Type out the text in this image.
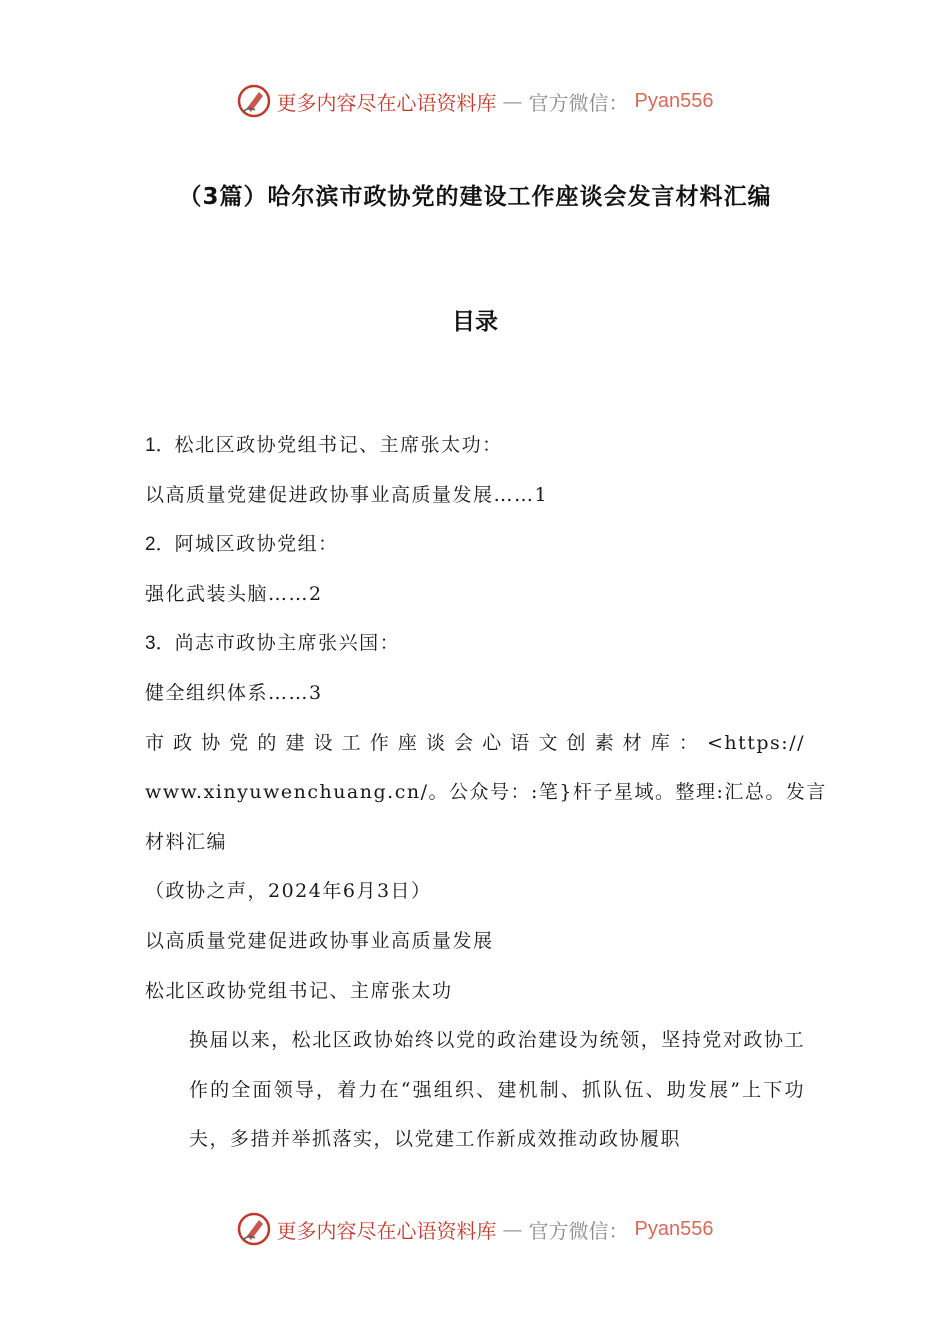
更多内容尽在心语资料库 — 官方微信： Pyan556
（3篇）哈尔滨市政协党的建设工作座谈会发言材料汇编
目录
1．松北区政协党组书记、主席张太功：
以高质量党建促进政协事业高质量发展……1
2．阿城区政协党组：
强化武装头脑……2
3．尚志市政协主席张兴国：
健全组织体系……3
市政协党的建设工作座谈会心语文创素材库：<https://
www.xinyuwenchuang.cn/。公众号：:笔}杆子星域。整理:汇总。发言
材料汇编
（政协之声，2024年6月3日）
以高质量党建促进政协事业高质量发展
松北区政协党组书记、主席张太功
换届以来，松北区政协始终以党的政治建设为统领，坚持党对政协工作的全面领导，着力在“强组织、建机制、抓队伍、助发展”上下功夫，多措并举抓落实，以党建工作新成效推动政协履职
更多内容尽在心语资料库 — 官方微信： Pyan556
